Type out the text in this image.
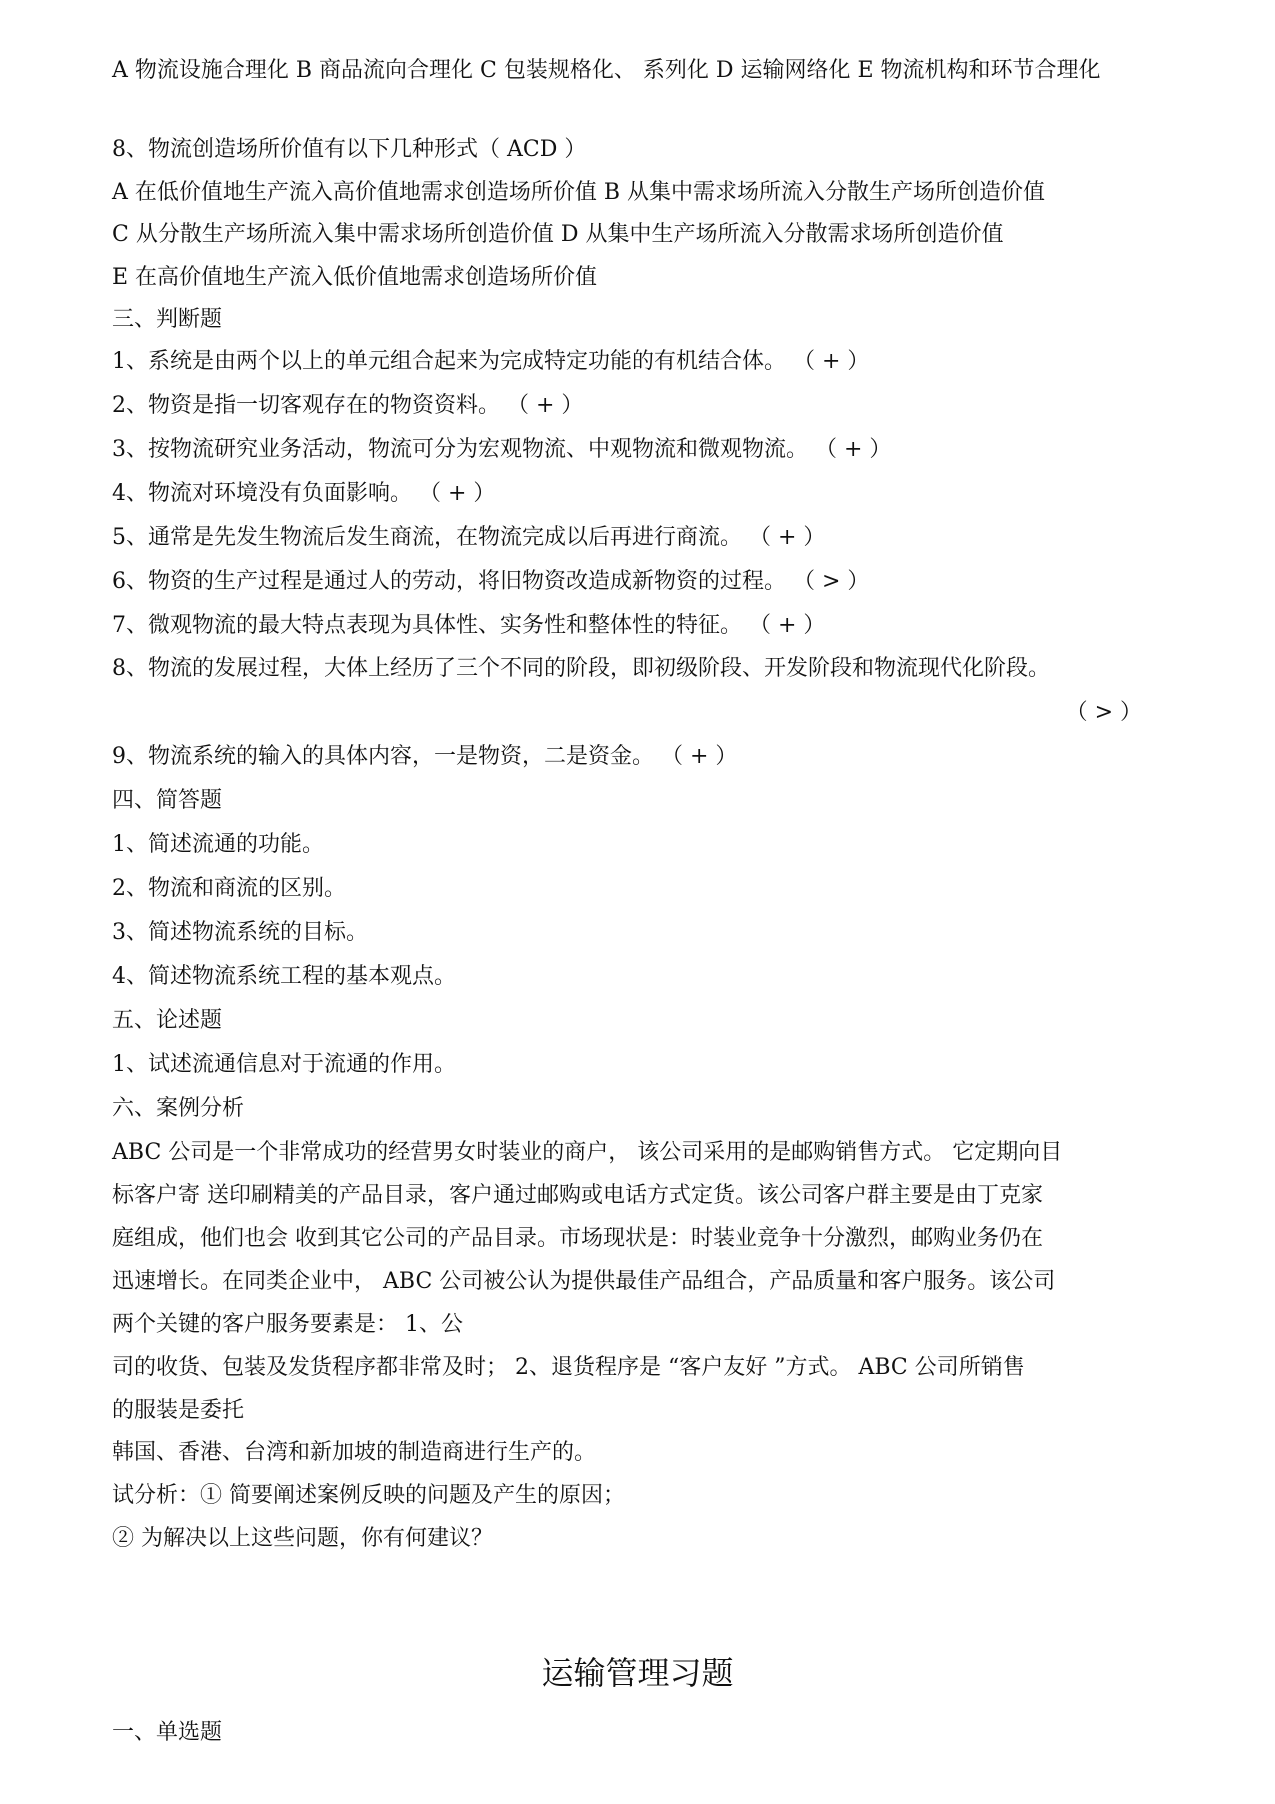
A 物流设施合理化 B 商品流向合理化 C 包装规格化、 系列化 D 运输网络化 E 物流机构和环节合理化
8、物流创造场所价值有以下几种形式（ ACD ）
A 在低价值地生产流入高价值地需求创造场所价值 B 从集中需求场所流入分散生产场所创造价值
C 从分散生产场所流入集中需求场所创造价值 D 从集中生产场所流入分散需求场所创造价值
E 在高价值地生产流入低价值地需求创造场所价值
三、判断题
1、系统是由两个以上的单元组合起来为完成特定功能的有机结合体。 （ + ）
2、物资是指一切客观存在的物资资料。 （ + ）
3、按物流研究业务活动，物流可分为宏观物流、中观物流和微观物流。 （ + ）
4、物流对环境没有负面影响。 （ + ）
5、通常是先发生物流后发生商流，在物流完成以后再进行商流。 （ + ）
6、物资的生产过程是通过人的劳动，将旧物资改造成新物资的过程。 （ > ）
7、微观物流的最大特点表现为具体性、实务性和整体性的特征。 （ + ）
8、物流的发展过程，大体上经历了三个不同的阶段，即初级阶段、开发阶段和物流现代化阶段。
（ > ）
9、物流系统的输入的具体内容，一是物资，二是资金。 （ + ）
四、简答题
1、简述流通的功能。
2、物流和商流的区别。
3、简述物流系统的目标。
4、简述物流系统工程的基本观点。
五、论述题
1、试述流通信息对于流通的作用。
六、案例分析
ABC 公司是一个非常成功的经营男女时装业的商户， 该公司采用的是邮购销售方式。 它定期向目
标客户寄 送印刷精美的产品目录，客户通过邮购或电话方式定货。该公司客户群主要是由丁克家
庭组成，他们也会 收到其它公司的产品目录。市场现状是：时装业竞争十分激烈，邮购业务仍在
迅速增长。在同类企业中， ABC 公司被公认为提供最佳产品组合，产品质量和客户服务。该公司
两个关键的客户服务要素是： 1、公
司的收货、包装及发货程序都非常及时； 2、退货程序是 “客户友好 ”方式。 ABC 公司所销售
的服装是委托
韩国、香港、台湾和新加坡的制造商进行生产的。
试分析：① 简要阐述案例反映的问题及产生的原因；
② 为解决以上这些问题，你有何建议？
运输管理习题
一、单选题
